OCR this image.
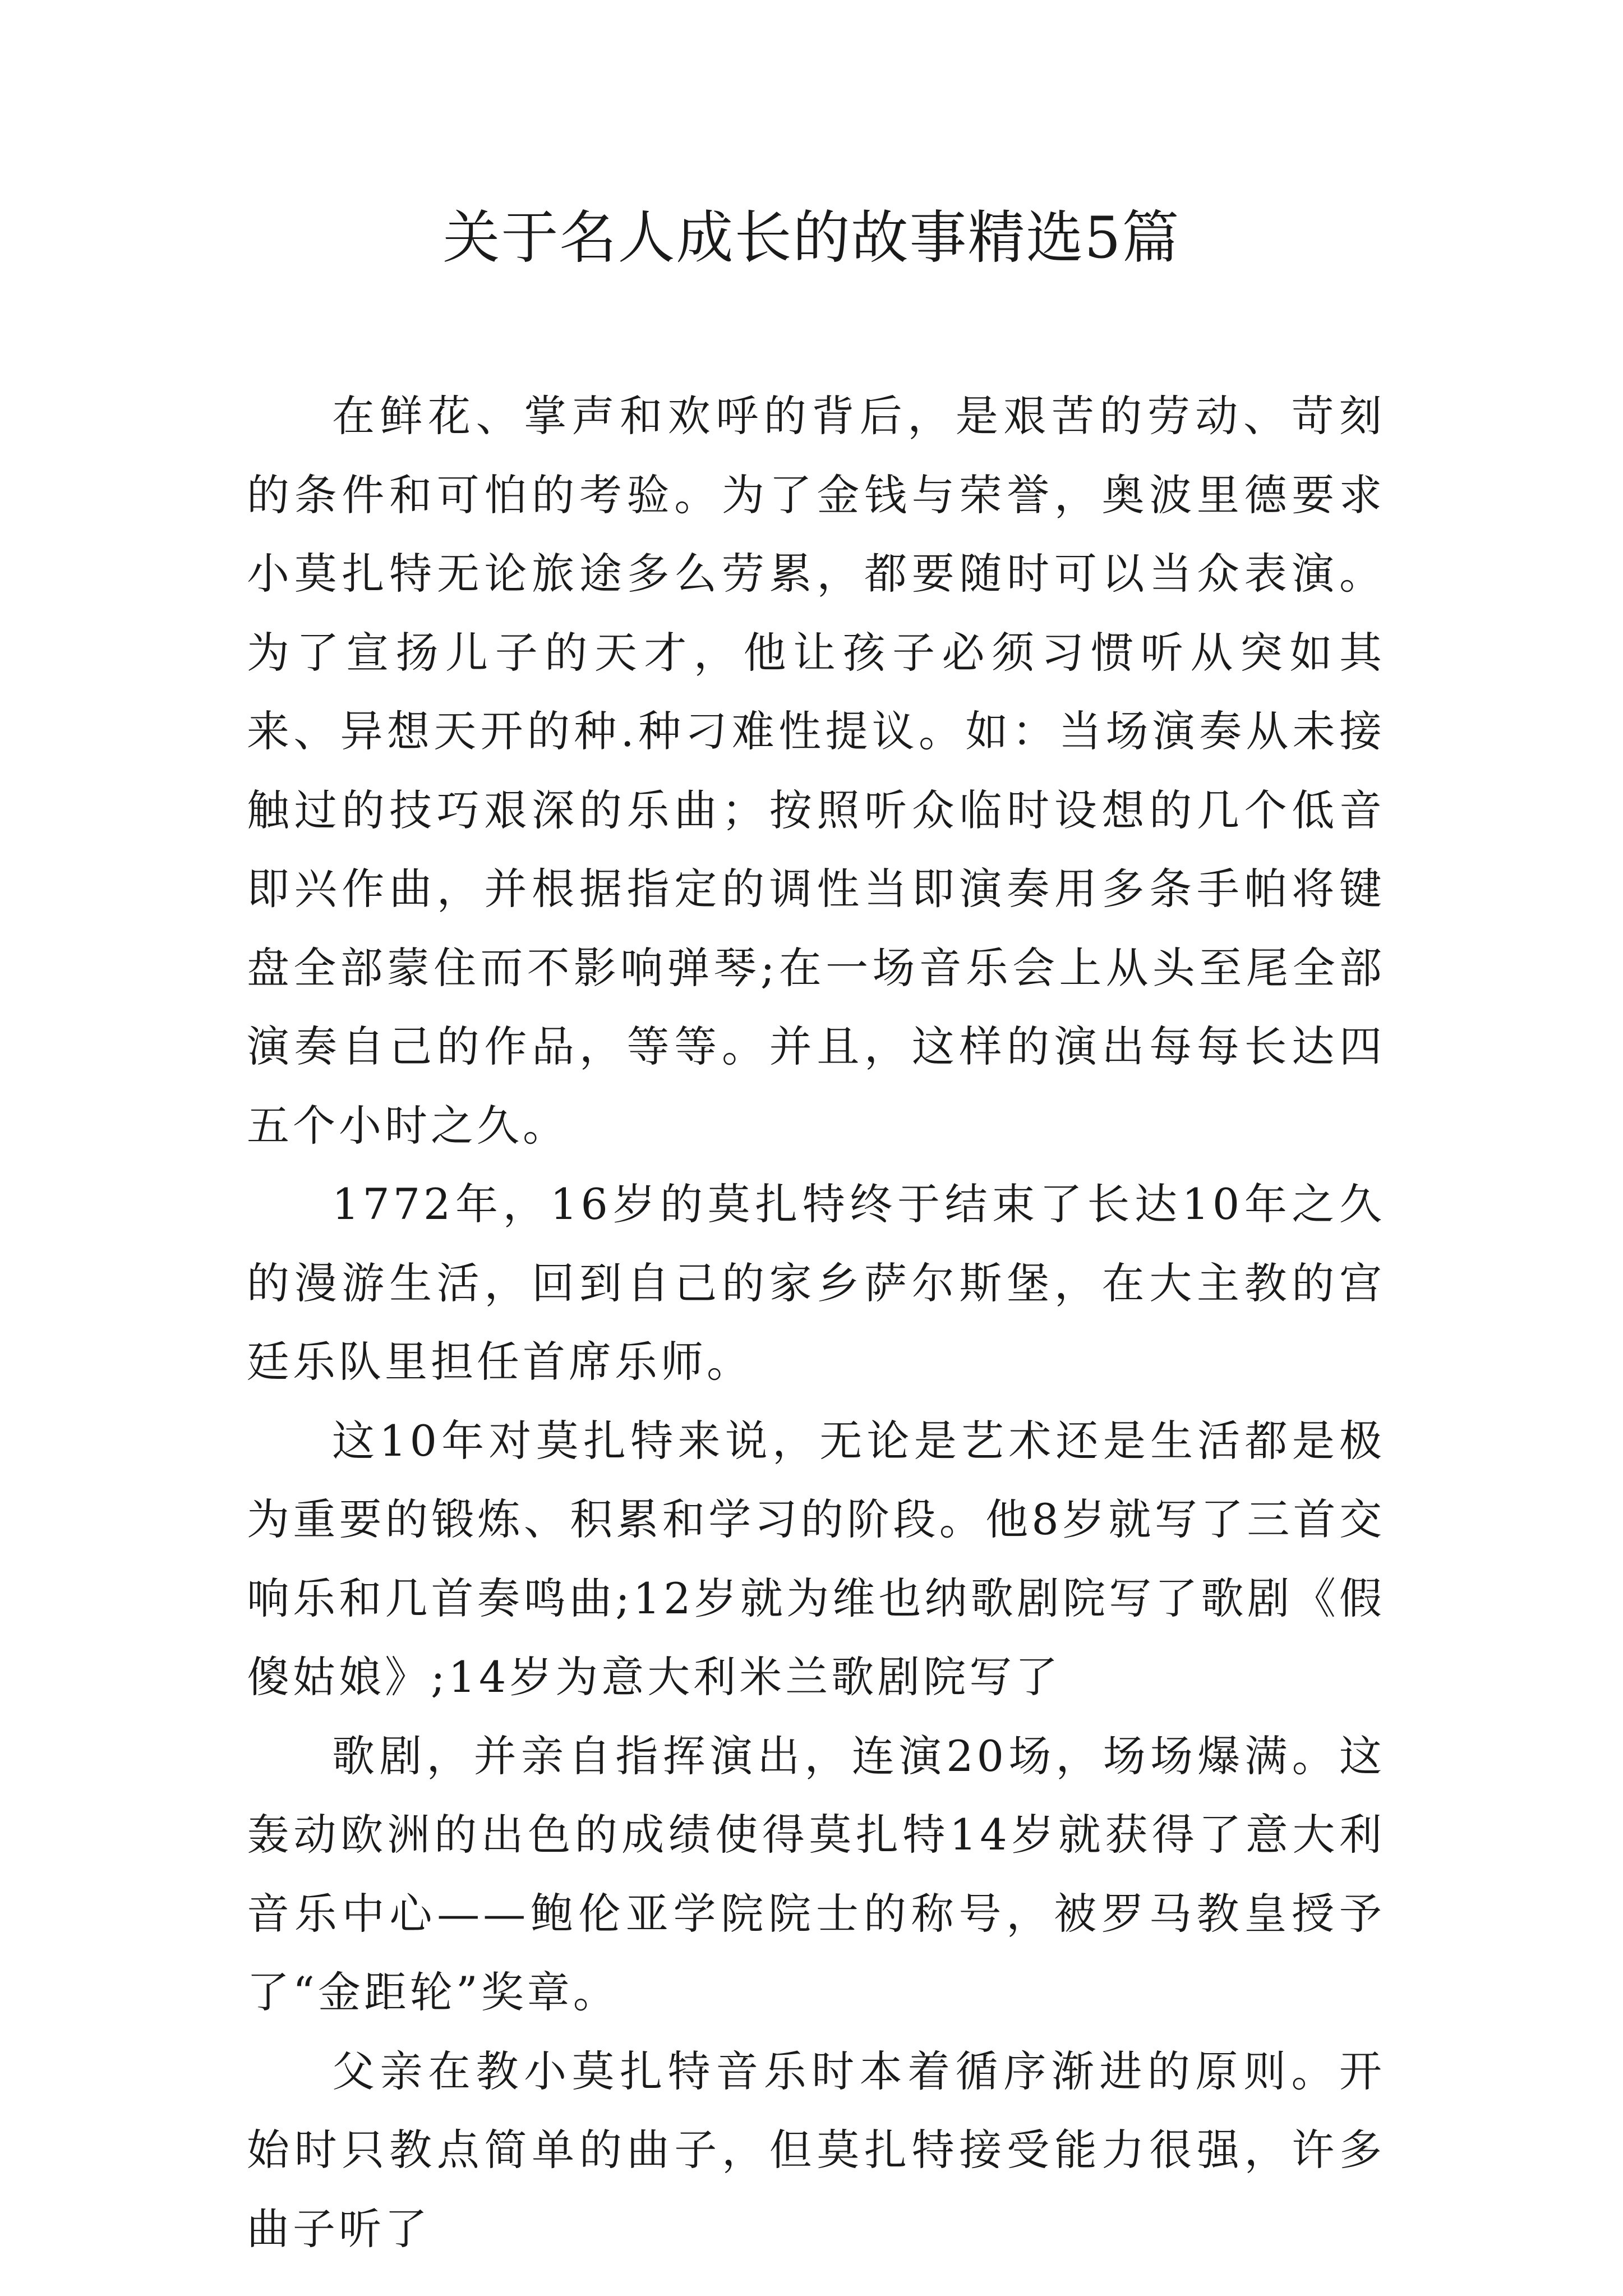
关于名人成长的故事精选5篇

在鲜花、掌声和欢呼的背后，是艰苦的劳动、苛刻的条件和可怕的考验。为了金钱与荣誉，奥波里德要求小莫扎特无论旅途多么劳累，都要随时可以当众表演。为了宣扬儿子的天才，他让孩子必须习惯听从突如其来、异想天开的种.种刁难性提议。如：当场演奏从未接触过的技巧艰深的乐曲；按照听众临时设想的几个低音即兴作曲，并根据指定的调性当即演奏用多条手帕将键盘全部蒙住而不影响弹琴;在一场音乐会上从头至尾全部演奏自己的作品，等等。并且，这样的演出每每长达四五个小时之久。

1772年，16岁的莫扎特终于结束了长达10年之久的漫游生活，回到自己的家乡萨尔斯堡，在大主教的宫廷乐队里担任首席乐师。

这10年对莫扎特来说，无论是艺术还是生活都是极为重要的锻炼、积累和学习的阶段。他8岁就写了三首交响乐和几首奏鸣曲;12岁就为维也纳歌剧院写了歌剧《假傻姑娘》;14岁为意大利米兰歌剧院写了

歌剧，并亲自指挥演出，连演20场，场场爆满。这轰动欧洲的出色的成绩使得莫扎特14岁就获得了意大利音乐中心——鲍伦亚学院院士的称号，被罗马教皇授予了“金距轮”奖章。

父亲在教小莫扎特音乐时本着循序渐进的原则。开始时只教点简单的曲子，但莫扎特接受能力很强，许多曲子听了
